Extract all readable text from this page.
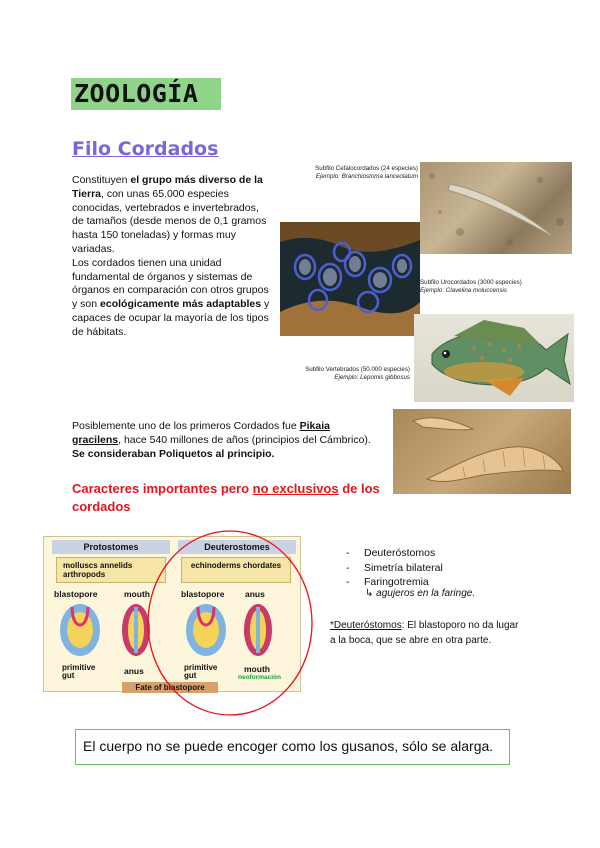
ZOOLOGÍA
Filo Cordados
Constituyen el grupo más diverso de la Tierra, con unas 65.000 especies conocidas, vertebrados e invertebrados, de tamaños (desde menos de 0,1 gramos hasta 150 toneladas) y formas muy variadas.
Los cordados tienen una unidad fundamental de órganos y sistemas de órganos en comparación con otros grupos y son ecológicamente más adaptables y capaces de ocupar la mayoría de los tipos de hábitats.
Subfilo Cefalocordados (24 especies)
Ejemplo: Branchiostoma lanceolatum
Subfilo Urocordados (3000 especies)
Ejemplo: Clavelina moluccensis
Subfilo Vertebrados (50.000 especies)
Ejemplo: Lepomis gibbosus
Posiblemente uno de los primeros Cordados fue Pikaia gracilens, hace 540 millones de años (principios del Cámbrico). Se consideraban Poliquetos al principio.
Caracteres importantes pero no exclusivos de los cordados
Protostomes	Deuterostomes
molluscs annelids arthropods
echinoderms chordates
blastopore	mouth	blastopore anus
primitive gut	anus	primitive gut
mouth
neoformación
Fate of blastopore
- Deuteróstomos
- Simetría bilateral
- Faringotremia
↳ agujeros en la faringe.
*Deuteróstomos: El blastoporo no da lugar a la boca, que se abre en otra parte.
El cuerpo no se puede encoger como los gusanos, sólo se alarga.
